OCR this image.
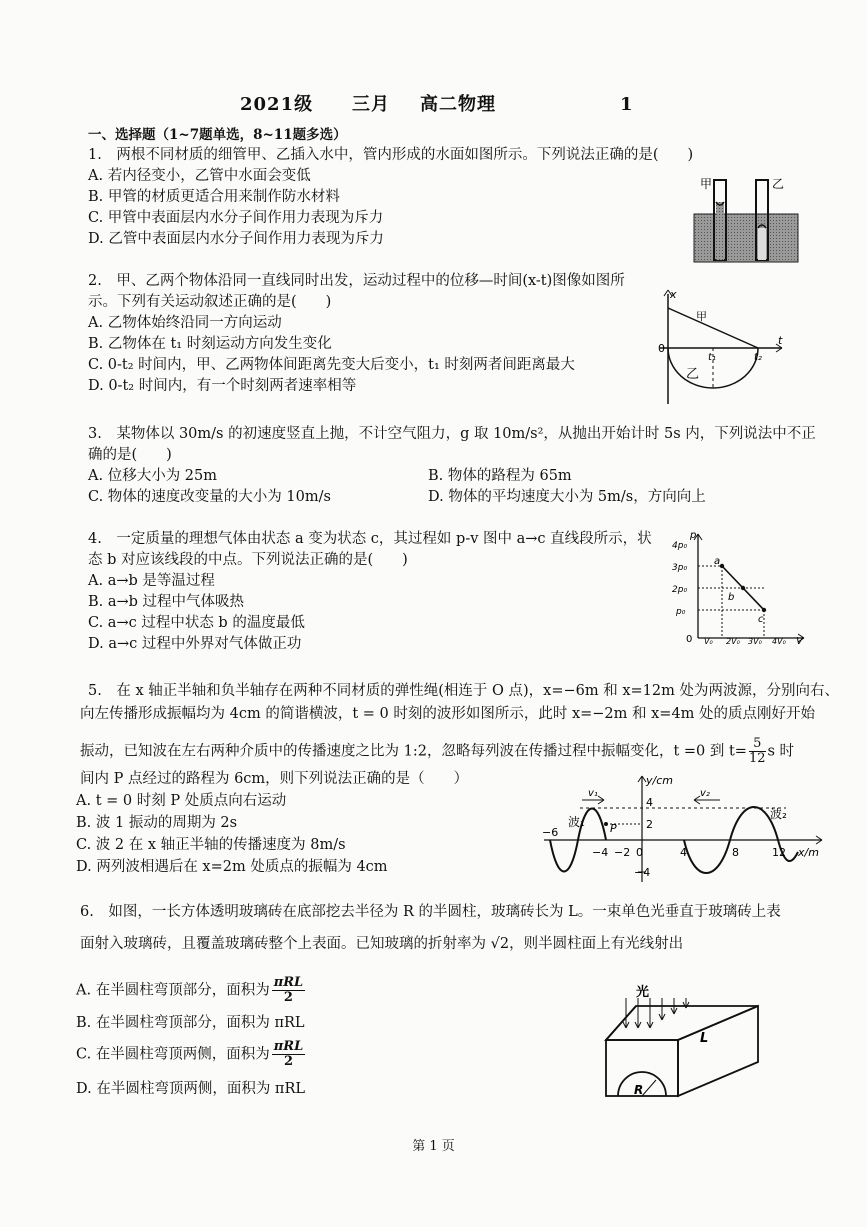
2021级 三月 高二物理	1
一、选择题（1~7题单选，8~11题多选）
1.　两根不同材质的细管甲、乙插入水中，管内形成的水面如图所示。下列说法正确的是(　　)
A. 若内径变小，乙管中水面会变低
B. 甲管的材质更适合用来制作防水材料
C. 甲管中表面层内水分子间作用力表现为斥力
D. 乙管中表面层内水分子间作用力表现为斥力
甲	乙
2.　甲、乙两个物体沿同一直线同时出发，运动过程中的位移—时间(x-t)图像如图所
示。下列有关运动叙述正确的是(　　)
A. 乙物体始终沿同一方向运动
B. 乙物体在 t₁ 时刻运动方向发生变化
C. 0-t₂ 时间内，甲、乙两物体间距离先变大后变小，t₁ 时刻两者间距离最大
D. 0-t₂ 时间内，有一个时刻两者速率相等
x
t
0
t₁	t₂
甲
乙
3.　某物体以 30m/s 的初速度竖直上抛，不计空气阻力，g 取 10m/s²，从抛出开始计时 5s 内，下列说法中不正
确的是(　　)
A. 位移大小为 25m	B. 物体的路程为 65m
C. 物体的速度改变量的大小为 10m/s	D. 物体的平均速度大小为 5m/s，方向向上
4.　一定质量的理想气体由状态 a 变为状态 c，其过程如 p-v 图中 a→c 直线段所示，状
态 b 对应该线段的中点。下列说法正确的是(　　)
A. a→b 是等温过程
B. a→b 过程中气体吸热
C. a→c 过程中状态 b 的温度最低
D. a→c 过程中外界对气体做正功
p
V
0
4p₀
3p₀
2p₀
p₀
V₀ 2V₀ 3V₀ 4V₀
a
b
c
5.　在 x 轴正半轴和负半轴存在两种不同材质的弹性绳(相连于 O 点)，x=−6m 和 x=12m 处为两波源，分别向右、
向左传播形成振幅均为 4cm 的简谐横波，t = 0 时刻的波形如图所示，此时 x=−2m 和 x=4m 处的质点刚好开始
振动，已知波在左右两种介质中的传播速度之比为 1:2，忽略每列波在传播过程中振幅变化，t =0 到 $t= \frac{5}{12}$ s 时
间内 P 点经过的路程为 6cm，则下列说法正确的是（　　）
A. t = 0 时刻 P 处质点向右运动
B. 波 1 振动的周期为 2s
C. 波 2 在 x 轴正半轴的传播速度为 8m/s
D. 两列波相遇后在 x=2m 处质点的振幅为 4cm
y/cm
x/m
v₁	v₂
波₁
波₂
P
0
4
2
−4
−6
−4 −2	4	8	12
6.　如图，一长方体透明玻璃砖在底部挖去半径为 R 的半圆柱，玻璃砖长为 L。一束单色光垂直于玻璃砖上表
面射入玻璃砖，且覆盖玻璃砖整个上表面。已知玻璃的折射率为 √2，则半圆柱面上有光线射出
A. 在半圆柱弯顶部分，面积为 $\frac{\text{πRL}}{2}$
B. 在半圆柱弯顶部分，面积为 πRL
C. 在半圆柱弯顶两侧，面积为 $\frac{\text{πRL}}{2}$
D. 在半圆柱弯顶两侧，面积为 πRL
光
L
R
第 1 页
